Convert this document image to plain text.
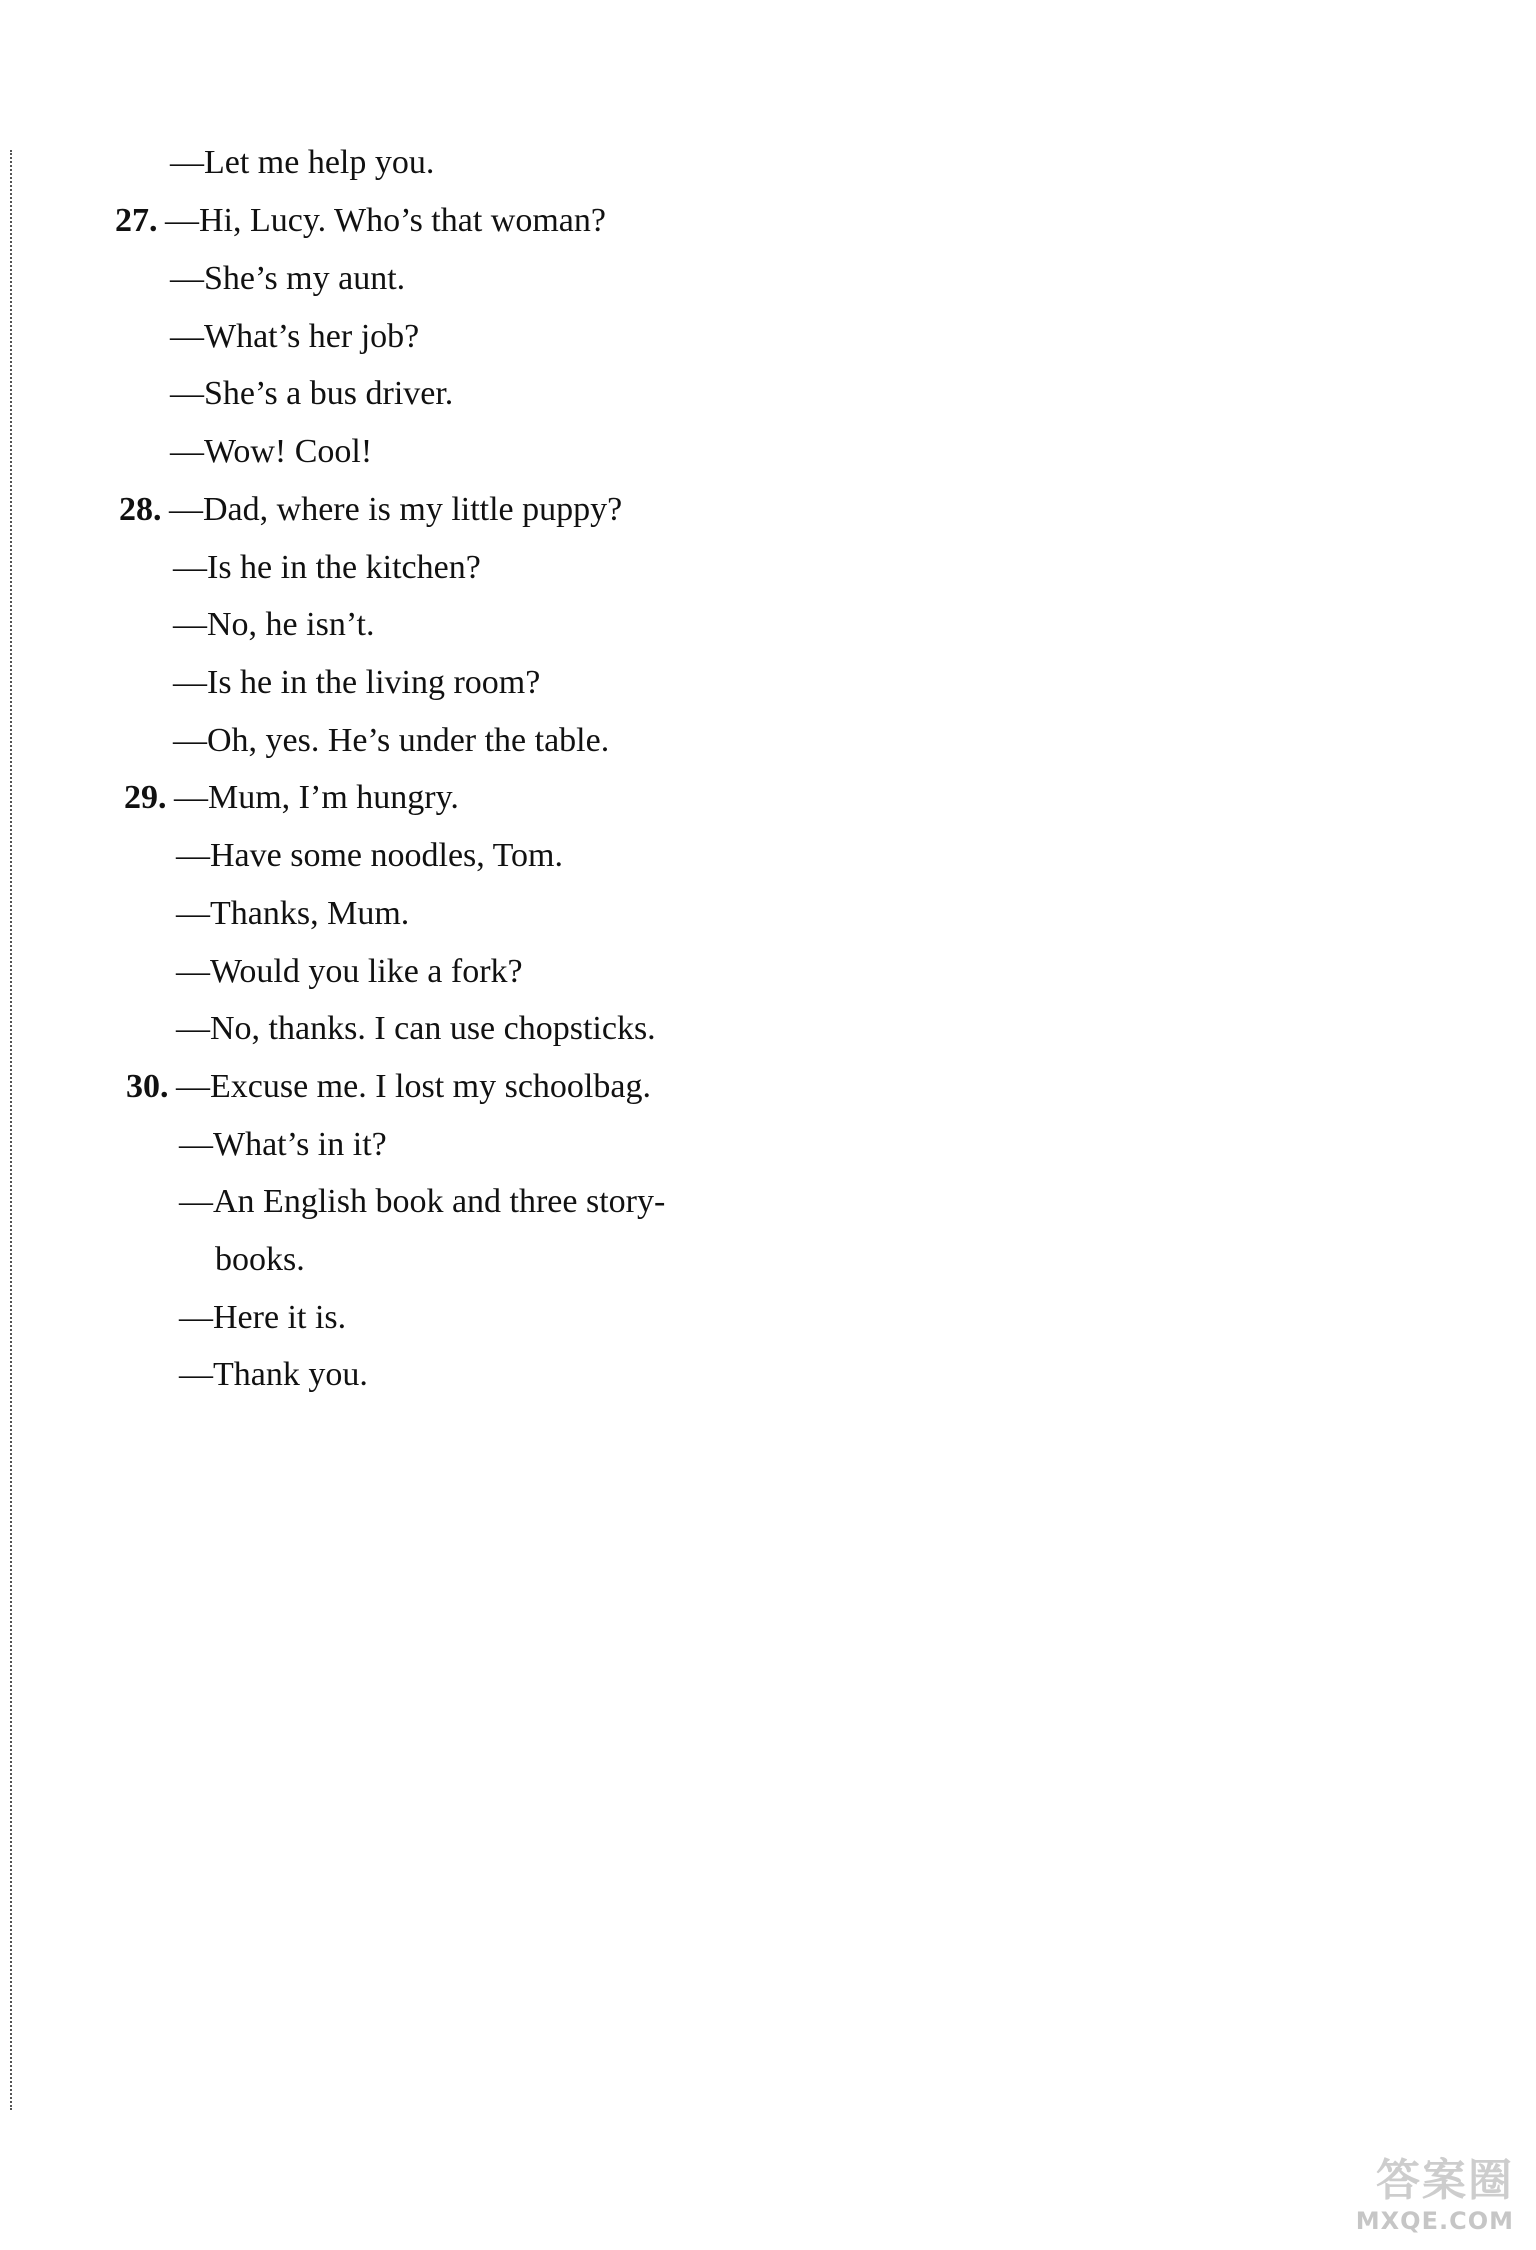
—Let me help you.
27. —Hi, Lucy. Who’s that woman?
—She’s my aunt.
—What’s her job?
—She’s a bus driver.
—Wow! Cool!
28. —Dad, where is my little puppy?
—Is he in the kitchen?
—No, he isn’t.
—Is he in the living room?
—Oh, yes. He’s under the table.
29. —Mum, I’m hungry.
—Have some noodles, Tom.
—Thanks, Mum.
—Would you like a fork?
—No, thanks. I can use chopsticks.
30. —Excuse me. I lost my schoolbag.
—What’s in it?
—An English book and three story-
books.
—Here it is.
—Thank you.
答案圈
MXQE.COM
